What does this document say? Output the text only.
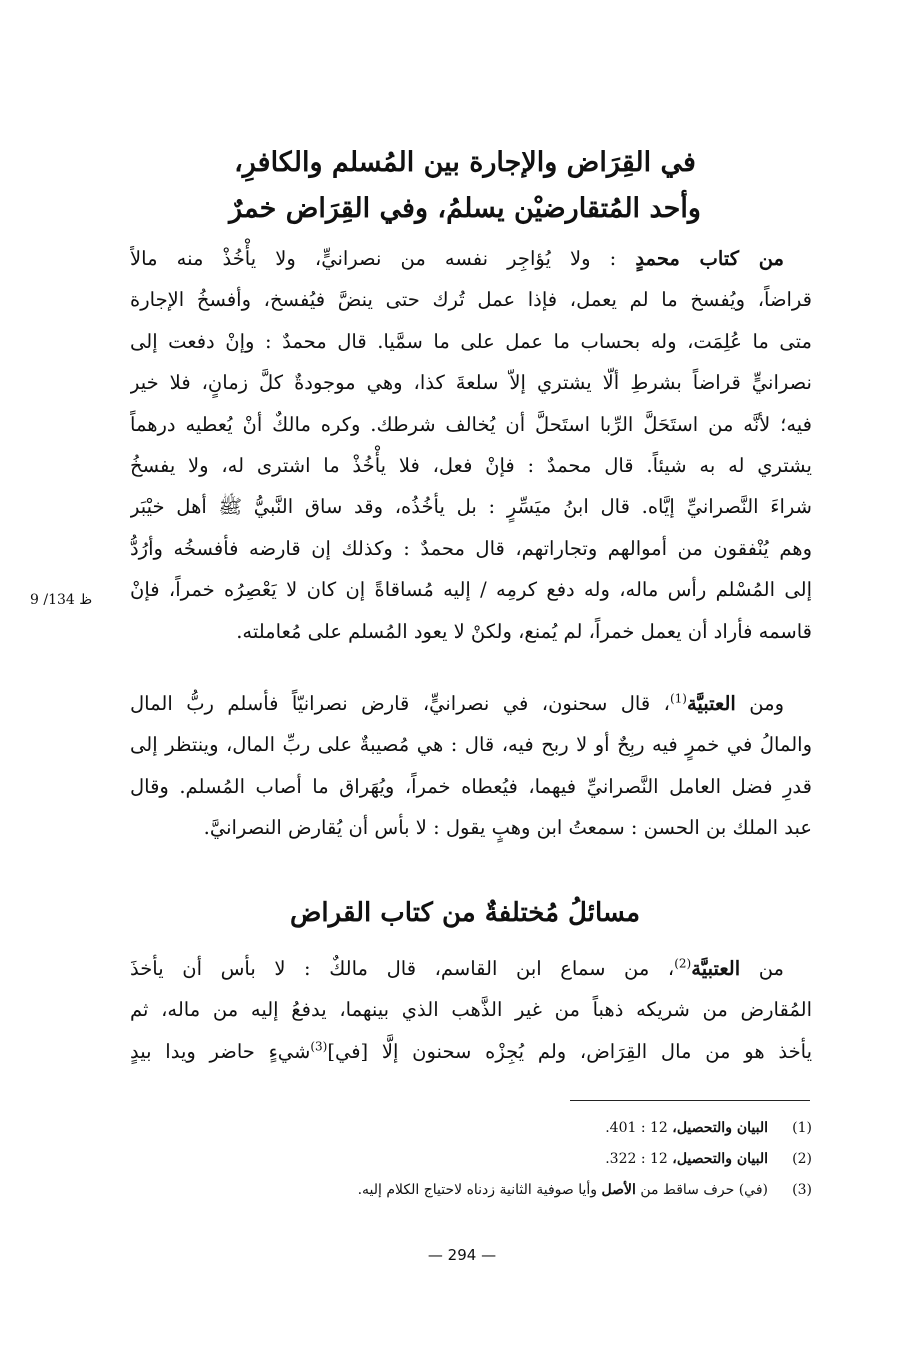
في القِرَاض والإجارة بين المُسلم والكافرِ،
وأحد المُتقارضيْن يسلمُ، وفي القِرَاض خمرٌ
من كتاب محمدٍ : ولا يُؤاجِر نفسه من نصرانيٍّ، ولا يأْخُذْ منه مالاً
قراضاً، ويُفسخ ما لم يعمل، فإذا عمل تُرك حتى ينضَّ فيُفسخ، وأفسخُ الإجارة
متى ما عُلِمَت، وله بحساب ما عمل على ما سمَّيا. قال محمدٌ : وإنْ دفعت إلى
نصرانيٍّ قراضاً بشرطِ ألّا يشتري إلاّ سلعةَ كذا، وهي موجودةٌ كلَّ زمانٍ، فلا خير
فيه؛ لأنَّه من استَحَلَّ الرِّبا استَحلَّ أن يُخالف شرطك. وكره مالكٌ أنْ يُعطيه درهماً
يشتري له به شيئاً. قال محمدٌ : فإنْ فعل، فلا يأْخُذْ ما اشترى له، ولا يفسخُ
شراءَ النَّصرانيِّ إيَّاه. قال ابنُ ميَسِّرٍ : بل يأخُذُه، وقد ساق النَّبيُّ ﷺ أهل خيْبَر
وهم يُنْفقون من أموالهم وتجاراتهم، قال محمدٌ : وكذلك إن قارضه فأفسخُه وأرُدُّ
إلى المُسْلم رأس ماله، وله دفع كرمِه / إليه مُساقاةً إن كان لا يَعْصِرُه خمراً، فإنْ
قاسمه فأراد أن يعمل خمراً، لم يُمنع، ولكنْ لا يعود المُسلم على مُعاملته.
9 /134 ظ
ومن العتبيَّة$^{(1)}$، قال سحنون، في نصرانيٍّ، قارض نصرانيّاً فأسلم ربُّ المال
والمالُ في خمرٍ فيه ربِحٌ أو لا ربح فيه، قال : هي مُصيبةٌ على ربِّ المال، وينتظر إلى
قدرِ فضل العامل النَّصرانيِّ فيهما، فيُعطاه خمراً، ويُهَراق ما أصاب المُسلم. وقال
عبد الملك بن الحسن : سمعتُ ابن وهبٍ يقول : لا بأس أن يُقارض النصرانيَّ.
مسائلُ مُختلفةٌ من كتاب القراض
من العتبيَّة$^{(2)}$، من سماع ابن القاسم، قال مالكٌ : لا بأس أن يأخذَ
المُقارض من شريكه ذهباً من غير الذَّهب الذي بينهما، يدفعُ إليه من ماله، ثم
يأخذ هو من مال القِرَاض، ولم يُجِزْه سحنون إلَّا [في]$^{(3)}$شيءٍ حاضر ويدا بيدٍ
(1)البيان والتحصيل، 12 : 401.
(2)البيان والتحصيل، 12 : 322.
(3)(في) حرف ساقط من الأصل وأيا صوفية الثانية زدناه لاحتياج الكلام إليه.
— 294 —
